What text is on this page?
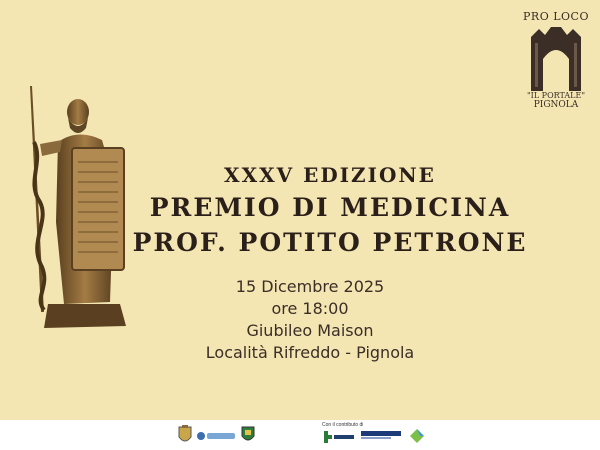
PRO LOCO
"IL PORTALE"
PIGNOLA
XXXV EDIZIONE
PREMIO DI MEDICINA
PROF. POTITO PETRONE
15 Dicembre 2025
ore 18:00
Giubileo Maison
Località Rifreddo - Pignola
Con il contributo di
